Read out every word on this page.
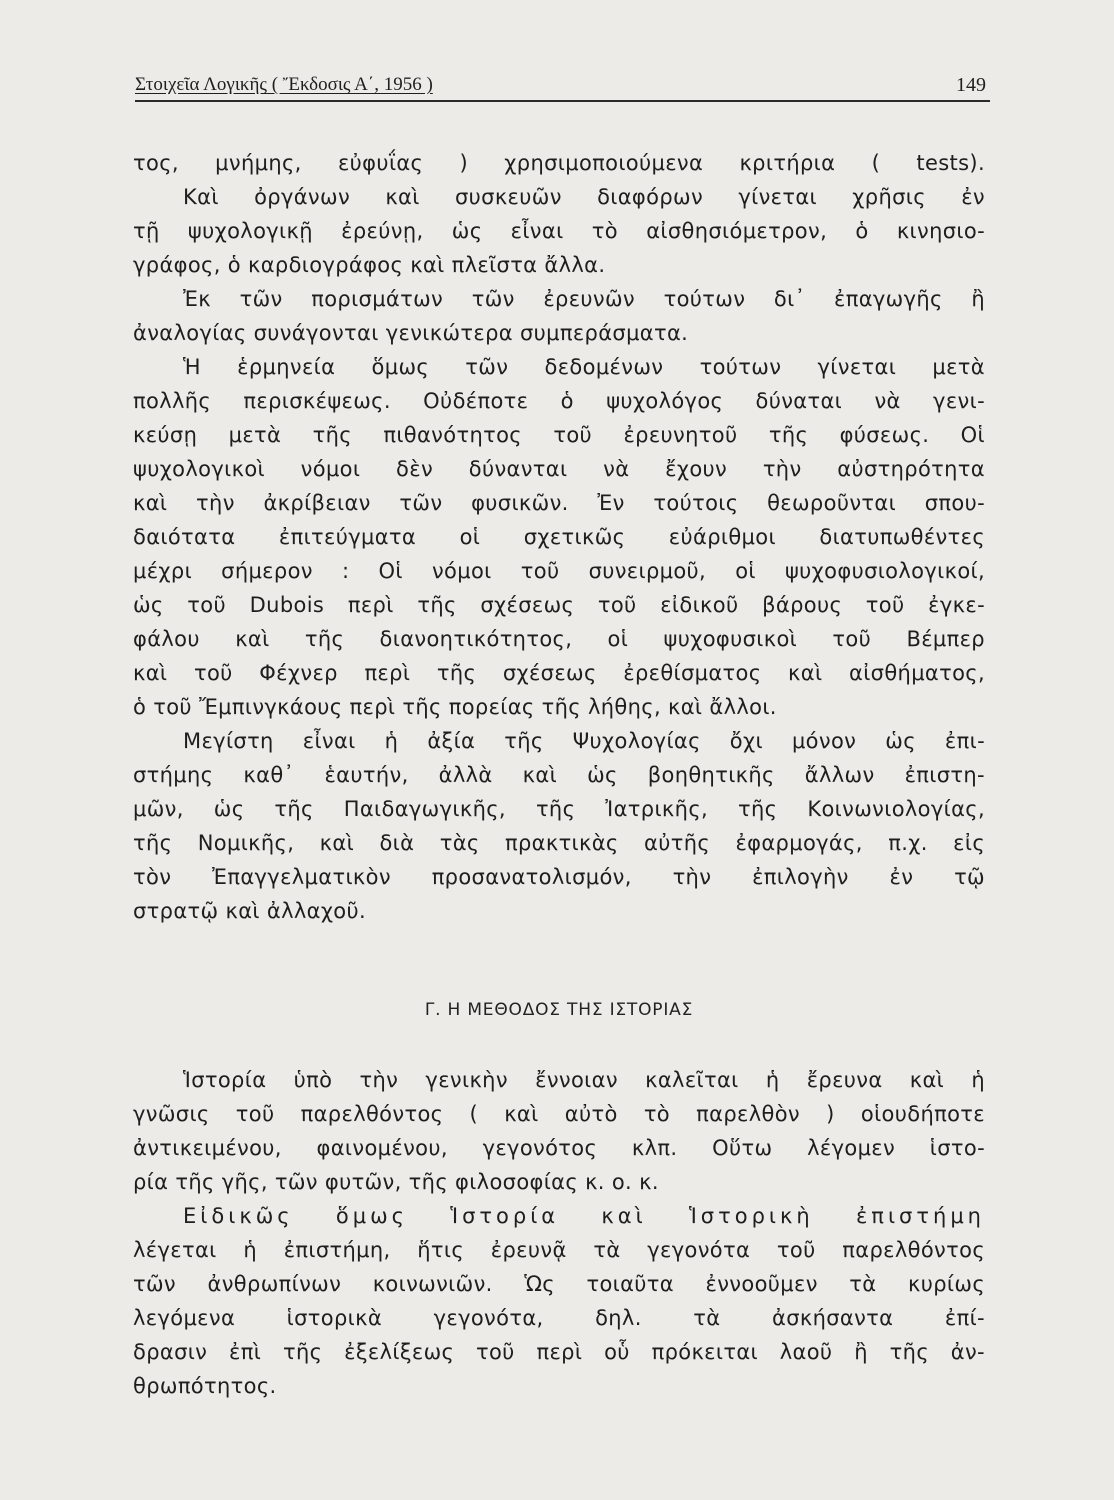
Στοιχεῖα Λογικῆς ( Ἔκδοσις Α΄, 1956 )	149
τος, μνήμης, εὐφυΐας ) χρησιμοποιούμενα κριτήρια ( tests).
Καὶ ὀργάνων καὶ συσκευῶν διαφόρων γίνεται χρῆσις ἐν
τῇ ψυχολογικῇ ἐρεύνῃ, ὡς εἶναι τὸ αἰσθησιόμετρον, ὁ κινησιο-
γράφος, ὁ καρδιογράφος καὶ πλεῖστα ἄλλα.
Ἐκ τῶν πορισμάτων τῶν ἐρευνῶν τούτων δι᾽ ἐπαγωγῆς ἢ
ἀναλογίας συνάγονται γενικώτερα συμπεράσματα.
Ἡ ἑρμηνεία ὅμως τῶν δεδομένων τούτων γίνεται μετὰ
πολλῆς περισκέψεως. Οὐδέποτε ὁ ψυχολόγος δύναται νὰ γενι-
κεύσῃ μετὰ τῆς πιθανότητος τοῦ ἐρευνητοῦ τῆς φύσεως. Οἱ
ψυχολογικοὶ νόμοι δὲν δύνανται νὰ ἔχουν τὴν αὐστηρότητα
καὶ τὴν ἀκρίβειαν τῶν φυσικῶν. Ἐν τούτοις θεωροῦνται σπου-
δαιότατα ἐπιτεύγματα οἱ σχετικῶς εὐάριθμοι διατυπωθέντες
μέχρι σήμερον : Οἱ νόμοι τοῦ συνειρμοῦ, οἱ ψυχοφυσιολογικοί,
ὡς τοῦ Dubois περὶ τῆς σχέσεως τοῦ εἰδικοῦ βάρους τοῦ ἐγκε-
φάλου καὶ τῆς διανοητικότητος, οἱ ψυχοφυσικοὶ τοῦ Βέμπερ
καὶ τοῦ Φέχνερ περὶ τῆς σχέσεως ἐρεθίσματος καὶ αἰσθήματος,
ὁ τοῦ Ἔμπινγκάους περὶ τῆς πορείας τῆς λήθης, καὶ ἄλλοι.
Μεγίστη εἶναι ἡ ἀξία τῆς Ψυχολογίας ὄχι μόνον ὡς ἐπι-
στήμης καθ᾽ ἑαυτήν, ἀλλὰ καὶ ὡς βοηθητικῆς ἄλλων ἐπιστη-
μῶν, ὡς τῆς Παιδαγωγικῆς, τῆς Ἰατρικῆς, τῆς Κοινωνιολογίας,
τῆς Νομικῆς, καὶ διὰ τὰς πρακτικὰς αὐτῆς ἐφαρμογάς, π.χ. εἰς
τὸν Ἐπαγγελματικὸν προσανατολισμόν, τὴν ἐπιλογὴν ἐν τῷ
στρατῷ καὶ ἀλλαχοῦ.
Γ. Η ΜΕΘΟΔΟΣ ΤΗΣ ΙΣΤΟΡΙΑΣ
Ἱστορία ὑπὸ τὴν γενικὴν ἔννοιαν καλεῖται ἡ ἔρευνα καὶ ἡ
γνῶσις τοῦ παρελθόντος ( καὶ αὐτὸ τὸ παρελθὸν ) οἱουδήποτε
ἀντικειμένου, φαινομένου, γεγονότος κλπ. Οὕτω λέγομεν ἱστο-
ρία τῆς γῆς, τῶν φυτῶν, τῆς φιλοσοφίας κ. ο. κ.
Εἰδικῶς ὅμως Ἱστορία καὶ Ἱστορικὴ ἐπιστήμη
λέγεται ἡ ἐπιστήμη, ἥτις ἐρευνᾷ τὰ γεγονότα τοῦ παρελθόντος
τῶν ἀνθρωπίνων κοινωνιῶν. Ὡς τοιαῦτα ἐννοοῦμεν τὰ κυρίως
λεγόμενα ἱστορικὰ γεγονότα, δηλ. τὰ ἀσκήσαντα ἐπί-
δρασιν ἐπὶ τῆς ἐξελίξεως τοῦ περὶ οὗ πρόκειται λαοῦ ἢ τῆς ἀν-
θρωπότητος.
